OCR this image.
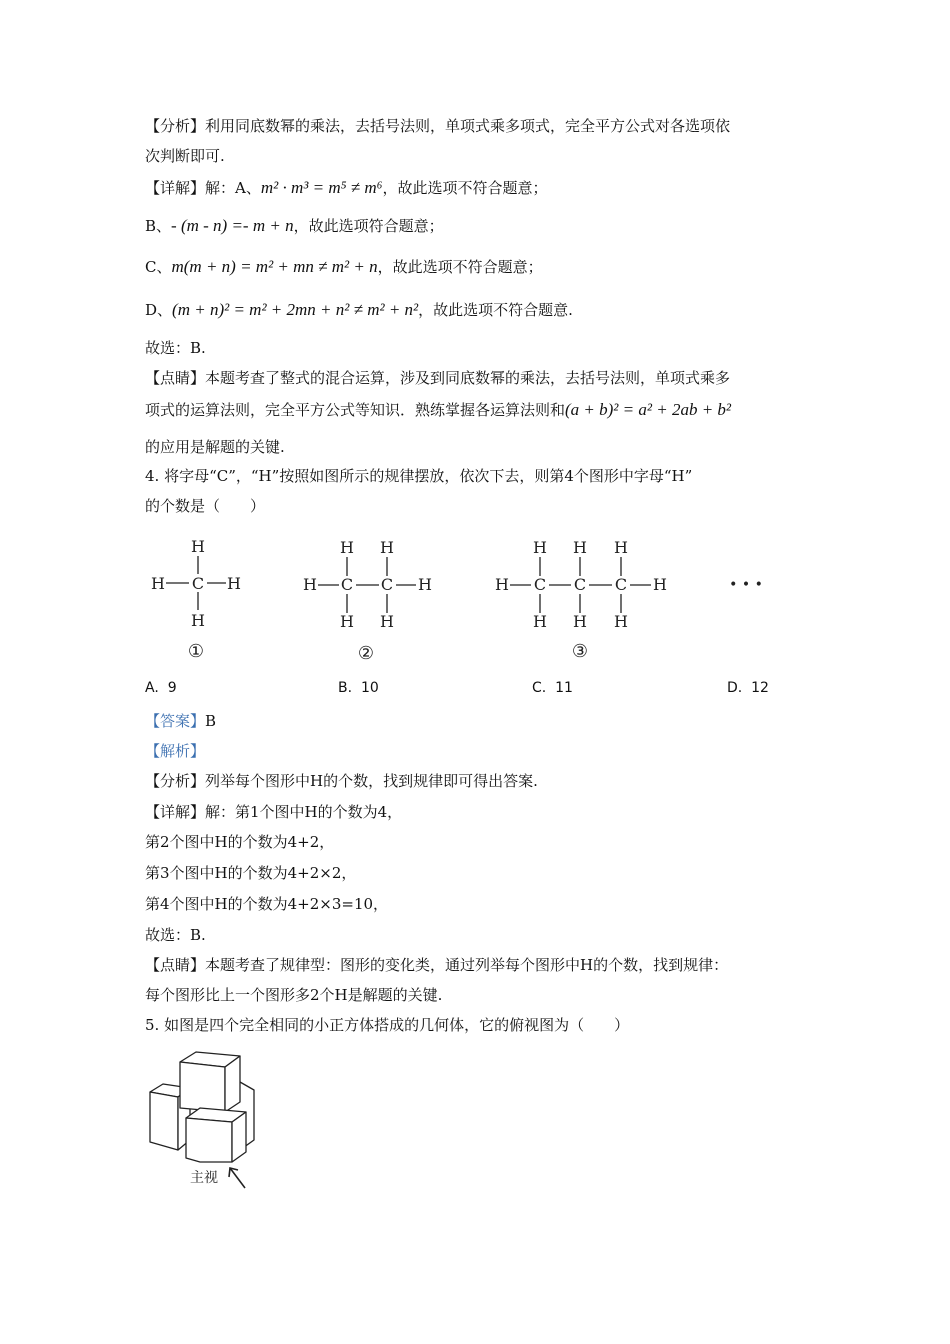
【分析】利用同底数幂的乘法，去括号法则，单项式乘多项式，完全平方公式对各选项依
次判断即可.
【详解】解：A、m² · m³ = m⁵ ≠ m⁶，故此选项不符合题意；
B、- (m - n) =- m + n，故此选项符合题意；
C、m(m + n) = m² + mn ≠ m² + n，故此选项不符合题意；
D、(m + n)² = m² + 2mn + n² ≠ m² + n²，故此选项不符合题意.
故选：B.
【点睛】本题考查了整式的混合运算，涉及到同底数幂的乘法，去括号法则，单项式乘多
项式的运算法则，完全平方公式等知识．熟练掌握各运算法则和(a + b)² = a² + 2ab + b²
的应用是解题的关键.
4. 将字母“C”，“H”按照如图所示的规律摆放，依次下去，则第4个图形中字母“H”
的个数是（　　）
H
C
H	H
H
H H
H C C H
H H
H H H
H C C C H
H H H
①	②	③
• • •
A. 9	B. 10	C. 11	D. 12
【答案】B
【解析】
【分析】列举每个图形中H的个数，找到规律即可得出答案.
【详解】解：第1个图中H的个数为4，
第2个图中H的个数为4+2，
第3个图中H的个数为4+2×2，
第4个图中H的个数为4+2×3=10，
故选：B.
【点睛】本题考查了规律型：图形的变化类，通过列举每个图形中H的个数，找到规律：
每个图形比上一个图形多2个H是解题的关键.
5. 如图是四个完全相同的小正方体搭成的几何体，它的俯视图为（　　）
主视
